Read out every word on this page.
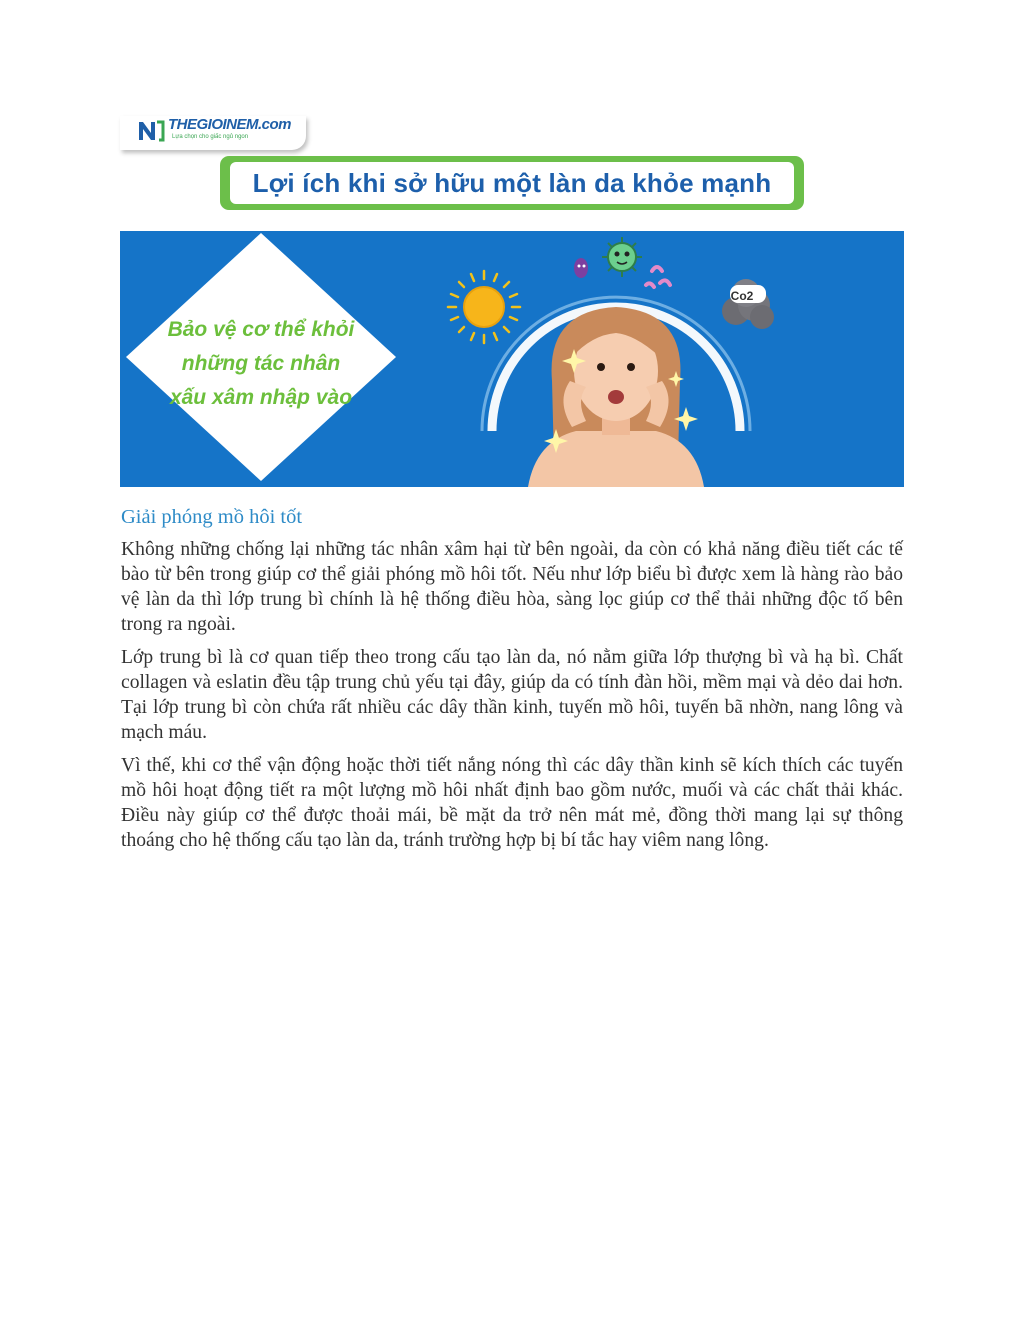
THEGIOINEM.com
Lựa chọn cho giấc ngủ ngon
Lợi ích khi sở hữu một làn da khỏe mạnh
Co2
Bảo vệ cơ thể khỏi
những tác nhân
xấu xâm nhập vào
Giải phóng mồ hôi tốt

Không những chống lại những tác nhân xâm hại từ bên ngoài, da còn có khả năng điều tiết các tế bào từ bên trong giúp cơ thể giải phóng mồ hôi tốt. Nếu như lớp biểu bì được xem là hàng rào bảo vệ làn da thì lớp trung bì chính là hệ thống điều hòa, sàng lọc giúp cơ thể thải những độc tố bên trong ra ngoài.

Lớp trung bì là cơ quan tiếp theo trong cấu tạo làn da, nó nằm giữa lớp thượng bì và hạ bì. Chất collagen và eslatin đều tập trung chủ yếu tại đây, giúp da có tính đàn hồi, mềm mại và dẻo dai hơn. Tại lớp trung bì còn chứa rất nhiều các dây thần kinh, tuyến mồ hôi, tuyến bã nhờn, nang lông và mạch máu.

Vì thế, khi cơ thể vận động hoặc thời tiết nắng nóng thì các dây thần kinh sẽ kích thích các tuyến mồ hôi hoạt động tiết ra một lượng mồ hôi nhất định bao gồm nước, muối và các chất thải khác. Điều này giúp cơ thể được thoải mái, bề mặt da trở nên mát mẻ, đồng thời mang lại sự thông thoáng cho hệ thống cấu tạo làn da, tránh trường hợp bị bí tắc hay viêm nang lông.
